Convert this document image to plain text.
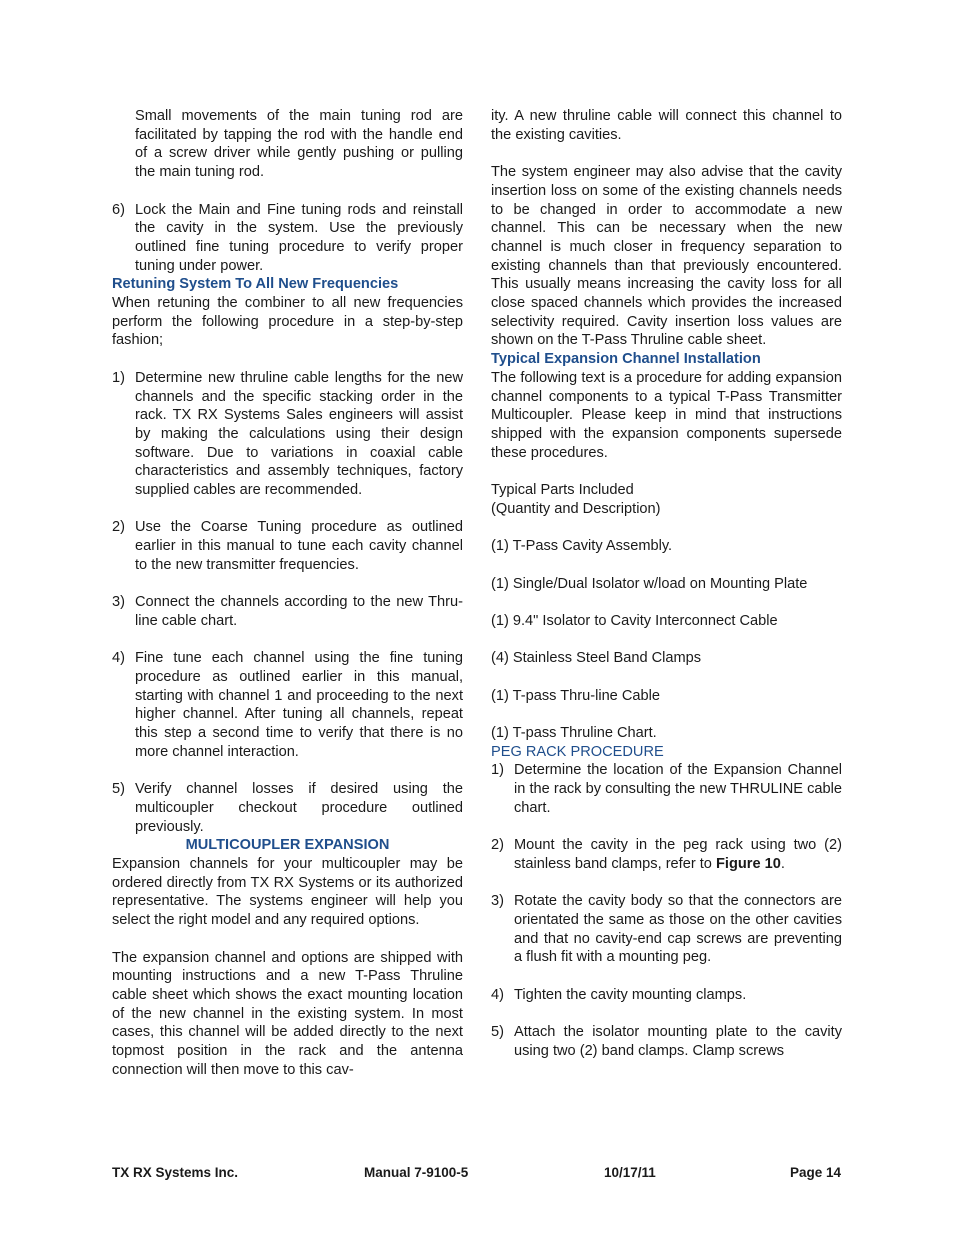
Small movements of the main tuning rod are facilitated by tapping the rod with the handle end of a screw driver while gently pushing or pulling the main tuning rod.

6) Lock the Main and Fine tuning rods and reinstall the cavity in the system. Use the previously outlined fine tuning procedure to verify proper tuning under power.

Retuning System To All New Frequencies

When retuning the combiner to all new frequencies perform the following procedure in a step-by-step fashion;

1) Determine new thruline cable lengths for the new channels and the specific stacking order in the rack. TX RX Systems Sales engineers will assist by making the calculations using their design software. Due to variations in coaxial cable characteristics and assembly techniques, factory supplied cables are recommended.
2) Use the Coarse Tuning procedure as outlined earlier in this manual to tune each cavity channel to the new transmitter frequencies.
3) Connect the channels according to the new Thru-line cable chart.
4) Fine tune each channel using the fine tuning procedure as outlined earlier in this manual, starting with channel 1 and proceeding to the next higher channel. After tuning all channels, repeat this step a second time to verify that there is no more channel interaction.
5) Verify channel losses if desired using the multicoupler checkout procedure outlined previously.

MULTICOUPLER EXPANSION

Expansion channels for your multicoupler may be ordered directly from TX RX Systems or its authorized representative. The systems engineer will help you select the right model and any required options.

The expansion channel and options are shipped with mounting instructions and a new T-Pass Thruline cable sheet which shows the exact mounting location of the new channel in the existing system. In most cases, this channel will be added directly to the next topmost position in the rack and the antenna connection will then move to this cav-

ity. A new thruline cable will connect this channel to the existing cavities.

The system engineer may also advise that the cavity insertion loss on some of the existing channels needs to be changed in order to accommodate a new channel. This can be necessary when the new channel is much closer in frequency separation to existing channels than that previously encountered. This usually means increasing the cavity loss for all close spaced channels which provides the increased selectivity required. Cavity insertion loss values are shown on the T-Pass Thruline cable sheet.

Typical Expansion Channel Installation

The following text is a procedure for adding expansion channel components to a typical T-Pass Transmitter Multicoupler. Please keep in mind that instructions shipped with the expansion components supersede these procedures.

Typical Parts Included

(Quantity and Description)

(1) T-Pass Cavity Assembly.

(1) Single/Dual Isolator w/load on Mounting Plate

(1) 9.4" Isolator to Cavity Interconnect Cable

(4) Stainless Steel Band Clamps

(1) T-pass Thru-line Cable

(1) T-pass Thruline Chart.

PEG RACK PROCEDURE

1) Determine the location of the Expansion Channel in the rack by consulting the new THRULINE cable chart.
2) Mount the cavity in the peg rack using two (2) stainless band clamps, refer to Figure 10.
3) Rotate the cavity body so that the connectors are orientated the same as those on the other cavities and that no cavity-end cap screws are preventing a flush fit with a mounting peg.
4) Tighten the cavity mounting clamps.
5) Attach the isolator mounting plate to the cavity using two (2) band clamps. Clamp screws
TX RX Systems Inc.	Manual 7-9100-5	10/17/11	Page 14
